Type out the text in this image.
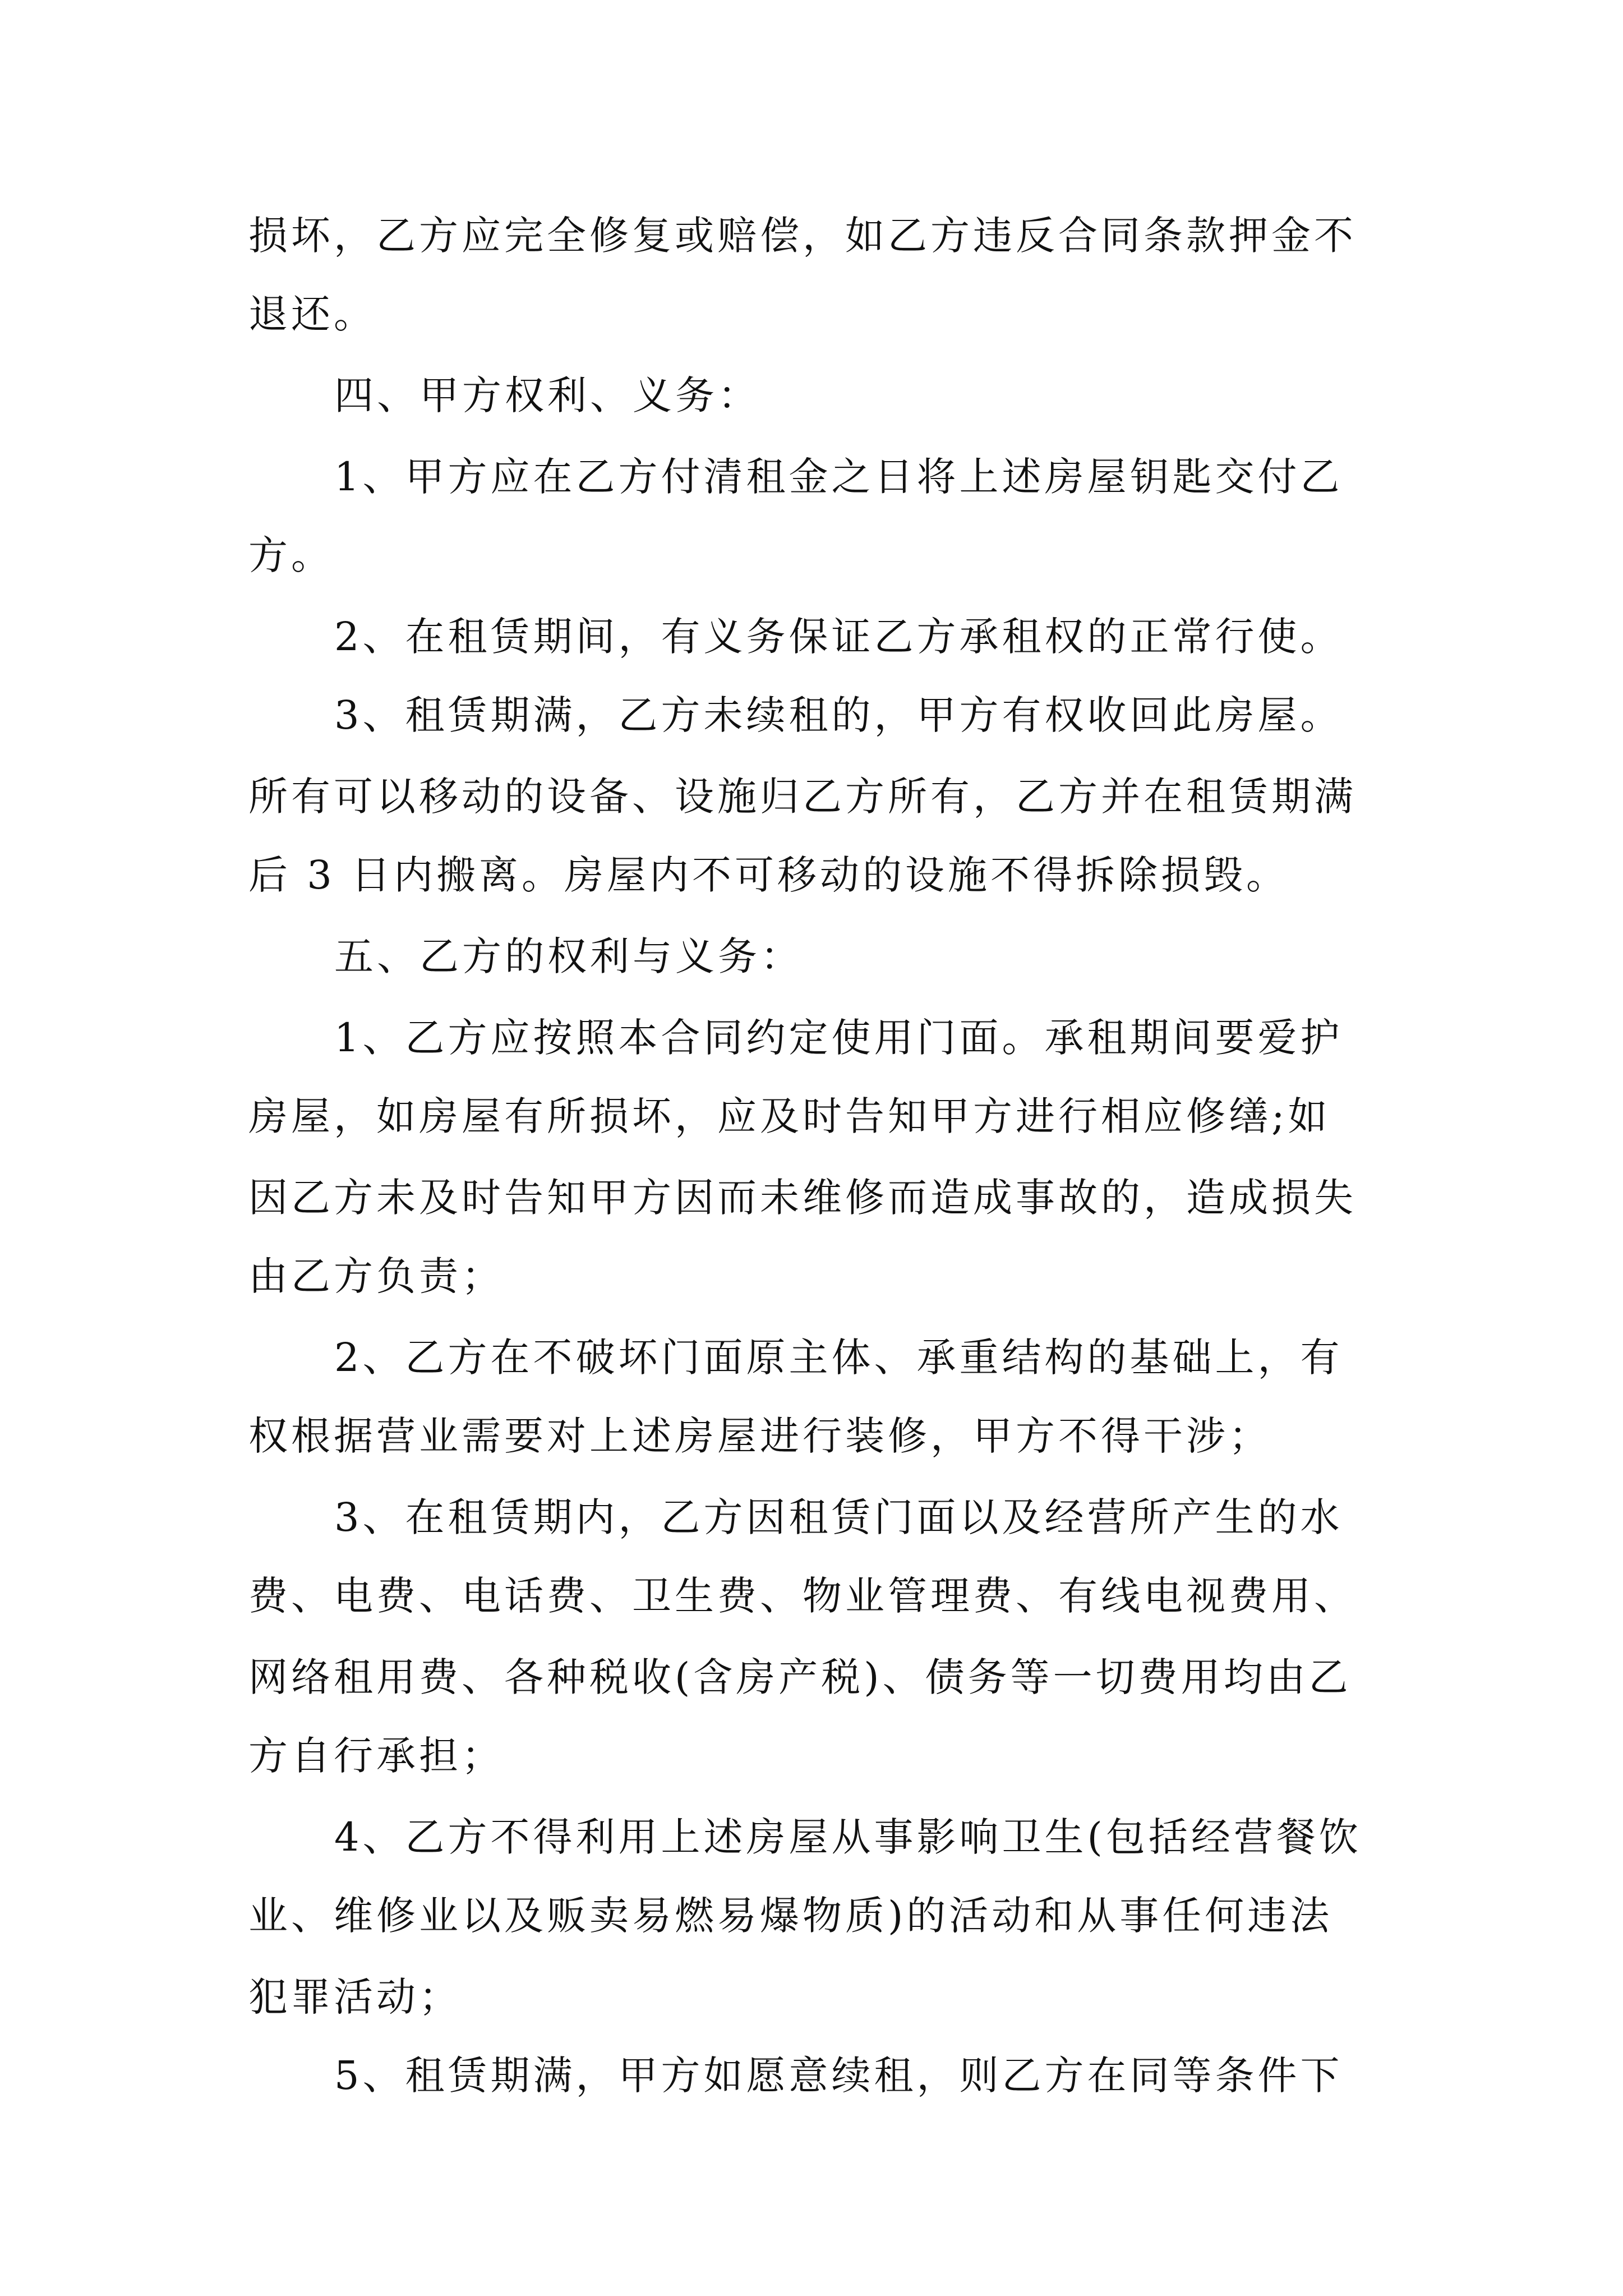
损坏，乙方应完全修复或赔偿，如乙方违反合同条款押金不
退还。
四、甲方权利、义务：
1、甲方应在乙方付清租金之日将上述房屋钥匙交付乙
方。
2、在租赁期间，有义务保证乙方承租权的正常行使。
3、租赁期满，乙方未续租的，甲方有权收回此房屋。
所有可以移动的设备、设施归乙方所有，乙方并在租赁期满
后 3 日内搬离。房屋内不可移动的设施不得拆除损毁。
五、乙方的权利与义务：
1、乙方应按照本合同约定使用门面。承租期间要爱护
房屋，如房屋有所损坏，应及时告知甲方进行相应修缮;如
因乙方未及时告知甲方因而未维修而造成事故的，造成损失
由乙方负责；
2、乙方在不破坏门面原主体、承重结构的基础上，有
权根据营业需要对上述房屋进行装修，甲方不得干涉；
3、在租赁期内，乙方因租赁门面以及经营所产生的水
费、电费、电话费、卫生费、物业管理费、有线电视费用、
网络租用费、各种税收(含房产税)、债务等一切费用均由乙
方自行承担；
4、乙方不得利用上述房屋从事影响卫生(包括经营餐饮
业、维修业以及贩卖易燃易爆物质)的活动和从事任何违法
犯罪活动；
5、租赁期满，甲方如愿意续租，则乙方在同等条件下
